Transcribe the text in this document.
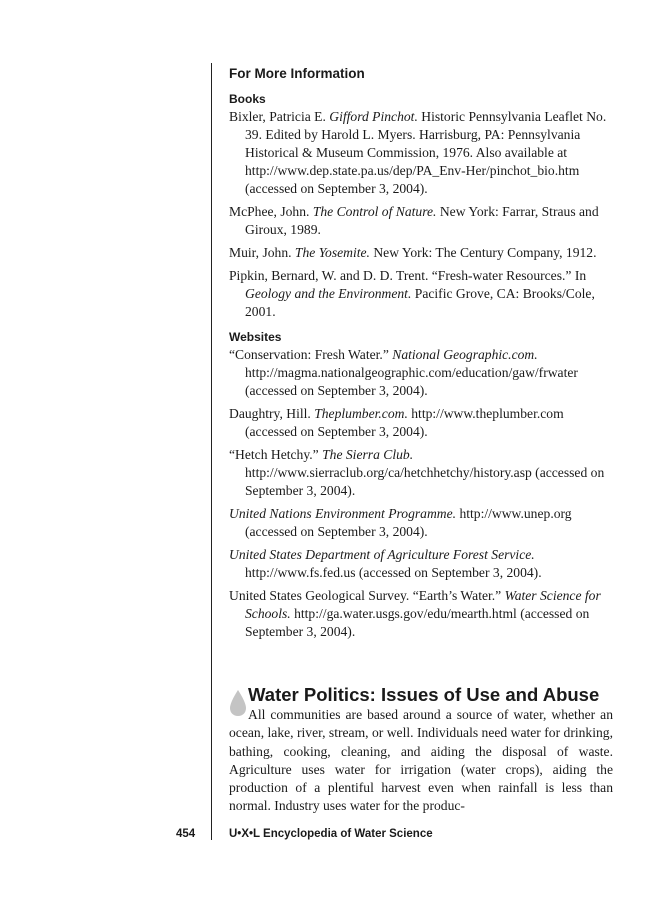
For More Information
Books

Bixler, Patricia E. Gifford Pinchot. Historic Pennsylvania Leaflet No. 39. Edited by Harold L. Myers. Harrisburg, PA: Pennsylvania Historical & Museum Commission, 1976. Also available at http://www.dep.state.pa.us/dep/PA_Env-Her/pinchot_bio.htm (accessed on September 3, 2004).

McPhee, John. The Control of Nature. New York: Farrar, Straus and Giroux, 1989.

Muir, John. The Yosemite. New York: The Century Company, 1912.

Pipkin, Bernard, W. and D. D. Trent. “Fresh-water Resources.” In Geology and the Environment. Pacific Grove, CA: Brooks/Cole, 2001.

Websites

“Conservation: Fresh Water.” National Geographic.com. http://magma.nationalgeographic.com/education/gaw/frwater (accessed on September 3, 2004).

Daughtry, Hill. Theplumber.com. http://www.theplumber.com (accessed on September 3, 2004).

“Hetch Hetchy.” The Sierra Club. http://www.sierraclub.org/ca/hetchhetchy/history.asp (accessed on September 3, 2004).

United Nations Environment Programme. http://www.unep.org (accessed on September 3, 2004).

United States Department of Agriculture Forest Service. http://www.fs.fed.us (accessed on September 3, 2004).

United States Geological Survey. “Earth’s Water.” Water Science for Schools. http://ga.water.usgs.gov/edu/mearth.html (accessed on September 3, 2004).

Water Politics: Issues of Use and Abuse

All communities are based around a source of water, whether an ocean, lake, river, stream, or well. Individuals need water for drinking, bathing, cooking, cleaning, and aiding the disposal of waste. Agriculture uses water for irrigation (water crops), aiding the production of a plentiful harvest even when rainfall is less than normal. Industry uses water for the produc-

454	U•X•L Encyclopedia of Water Science
